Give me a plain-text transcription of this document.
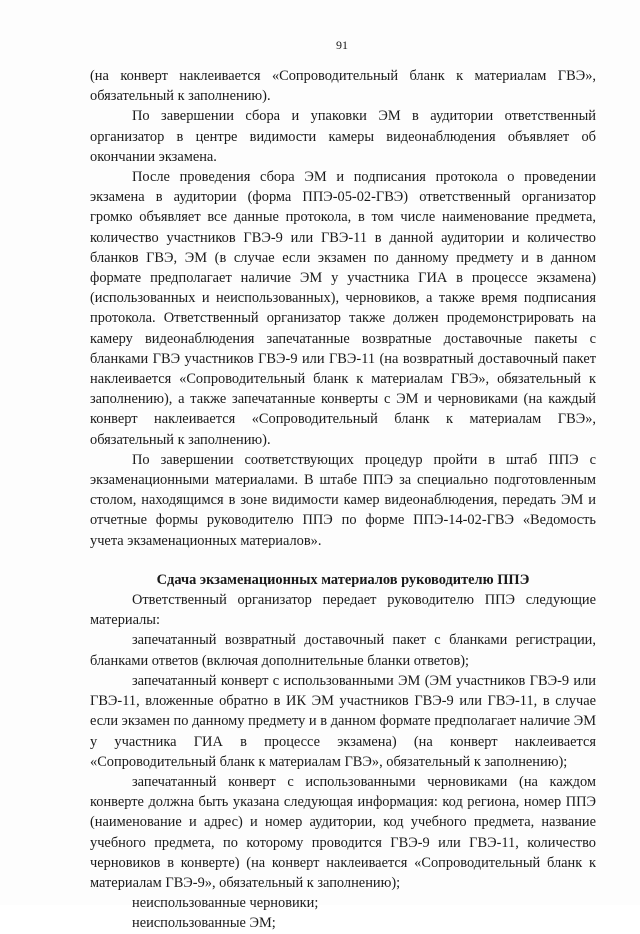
91

(на конверт наклеивается «Сопроводительный бланк к материалам ГВЭ», обязательный к заполнению).

По завершении сбора и упаковки ЭМ в аудитории ответственный организатор в центре видимости камеры видеонаблюдения объявляет об окончании экзамена.

После проведения сбора ЭМ и подписания протокола о проведении экзамена в аудитории (форма ППЭ-05-02-ГВЭ) ответственный организатор громко объявляет все данные протокола, в том числе наименование предмета, количество участников ГВЭ-9 или ГВЭ-11 в данной аудитории и количество бланков ГВЭ, ЭМ (в случае если экзамен по данному предмету и в данном формате предполагает наличие ЭМ у участника ГИА в процессе экзамена) (использованных и неиспользованных), черновиков, а также время подписания протокола. Ответственный организатор также должен продемонстрировать на камеру видеонаблюдения запечатанные возвратные доставочные пакеты с бланками ГВЭ участников ГВЭ-9 или ГВЭ-11 (на возвратный доставочный пакет наклеивается «Сопроводительный бланк к материалам ГВЭ», обязательный к заполнению), а также запечатанные конверты с ЭМ и черновиками (на каждый конверт наклеивается «Сопроводительный бланк к материалам ГВЭ», обязательный к заполнению).

По завершении соответствующих процедур пройти в штаб ППЭ с экзаменационными материалами. В штабе ППЭ за специально подготовленным столом, находящимся в зоне видимости камер видеонаблюдения, передать ЭМ и отчетные формы руководителю ППЭ по форме ППЭ-14-02-ГВЭ «Ведомость учета экзаменационных материалов».

Сдача экзаменационных материалов руководителю ППЭ

Ответственный организатор передает руководителю ППЭ следующие материалы:

запечатанный возвратный доставочный пакет с бланками регистрации, бланками ответов (включая дополнительные бланки ответов);

запечатанный конверт с использованными ЭМ (ЭМ участников ГВЭ-9 или ГВЭ-11, вложенные обратно в ИК ЭМ участников ГВЭ-9 или ГВЭ-11, в случае если экзамен по данному предмету и в данном формате предполагает наличие ЭМ у участника ГИА в процессе экзамена) (на конверт наклеивается «Сопроводительный бланк к материалам ГВЭ», обязательный к заполнению);

запечатанный конверт с использованными черновиками (на каждом конверте должна быть указана следующая информация: код региона, номер ППЭ (наименование и адрес) и номер аудитории, код учебного предмета, название учебного предмета, по которому проводится ГВЭ-9 или ГВЭ-11, количество черновиков в конверте) (на конверт наклеивается «Сопроводительный бланк к материалам ГВЭ-9», обязательный к заполнению);

неиспользованные черновики;

неиспользованные ЭМ;
